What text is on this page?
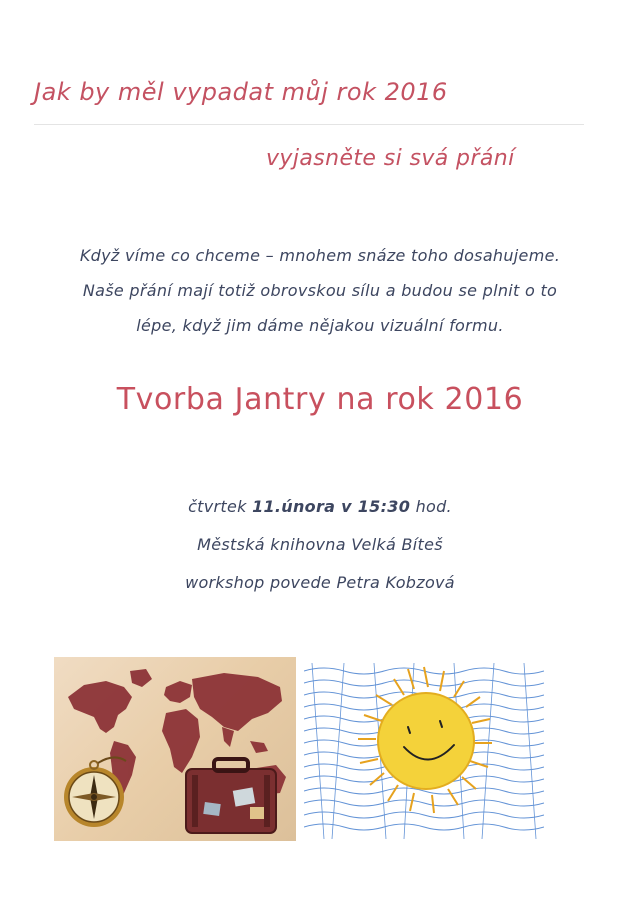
Jak by měl vypadat můj rok 2016
vyjasněte si svá přání
Když víme co chceme – mnohem snáze toho dosahujeme.
Naše přání mají totiž obrovskou sílu a budou se plnit o to
lépe, když jim dáme nějakou vizuální formu.
Tvorba Jantry na rok 2016
čtvrtek 11.února v 15:30 hod.
Městská knihovna Velká Bíteš
workshop povede Petra Kobzová
